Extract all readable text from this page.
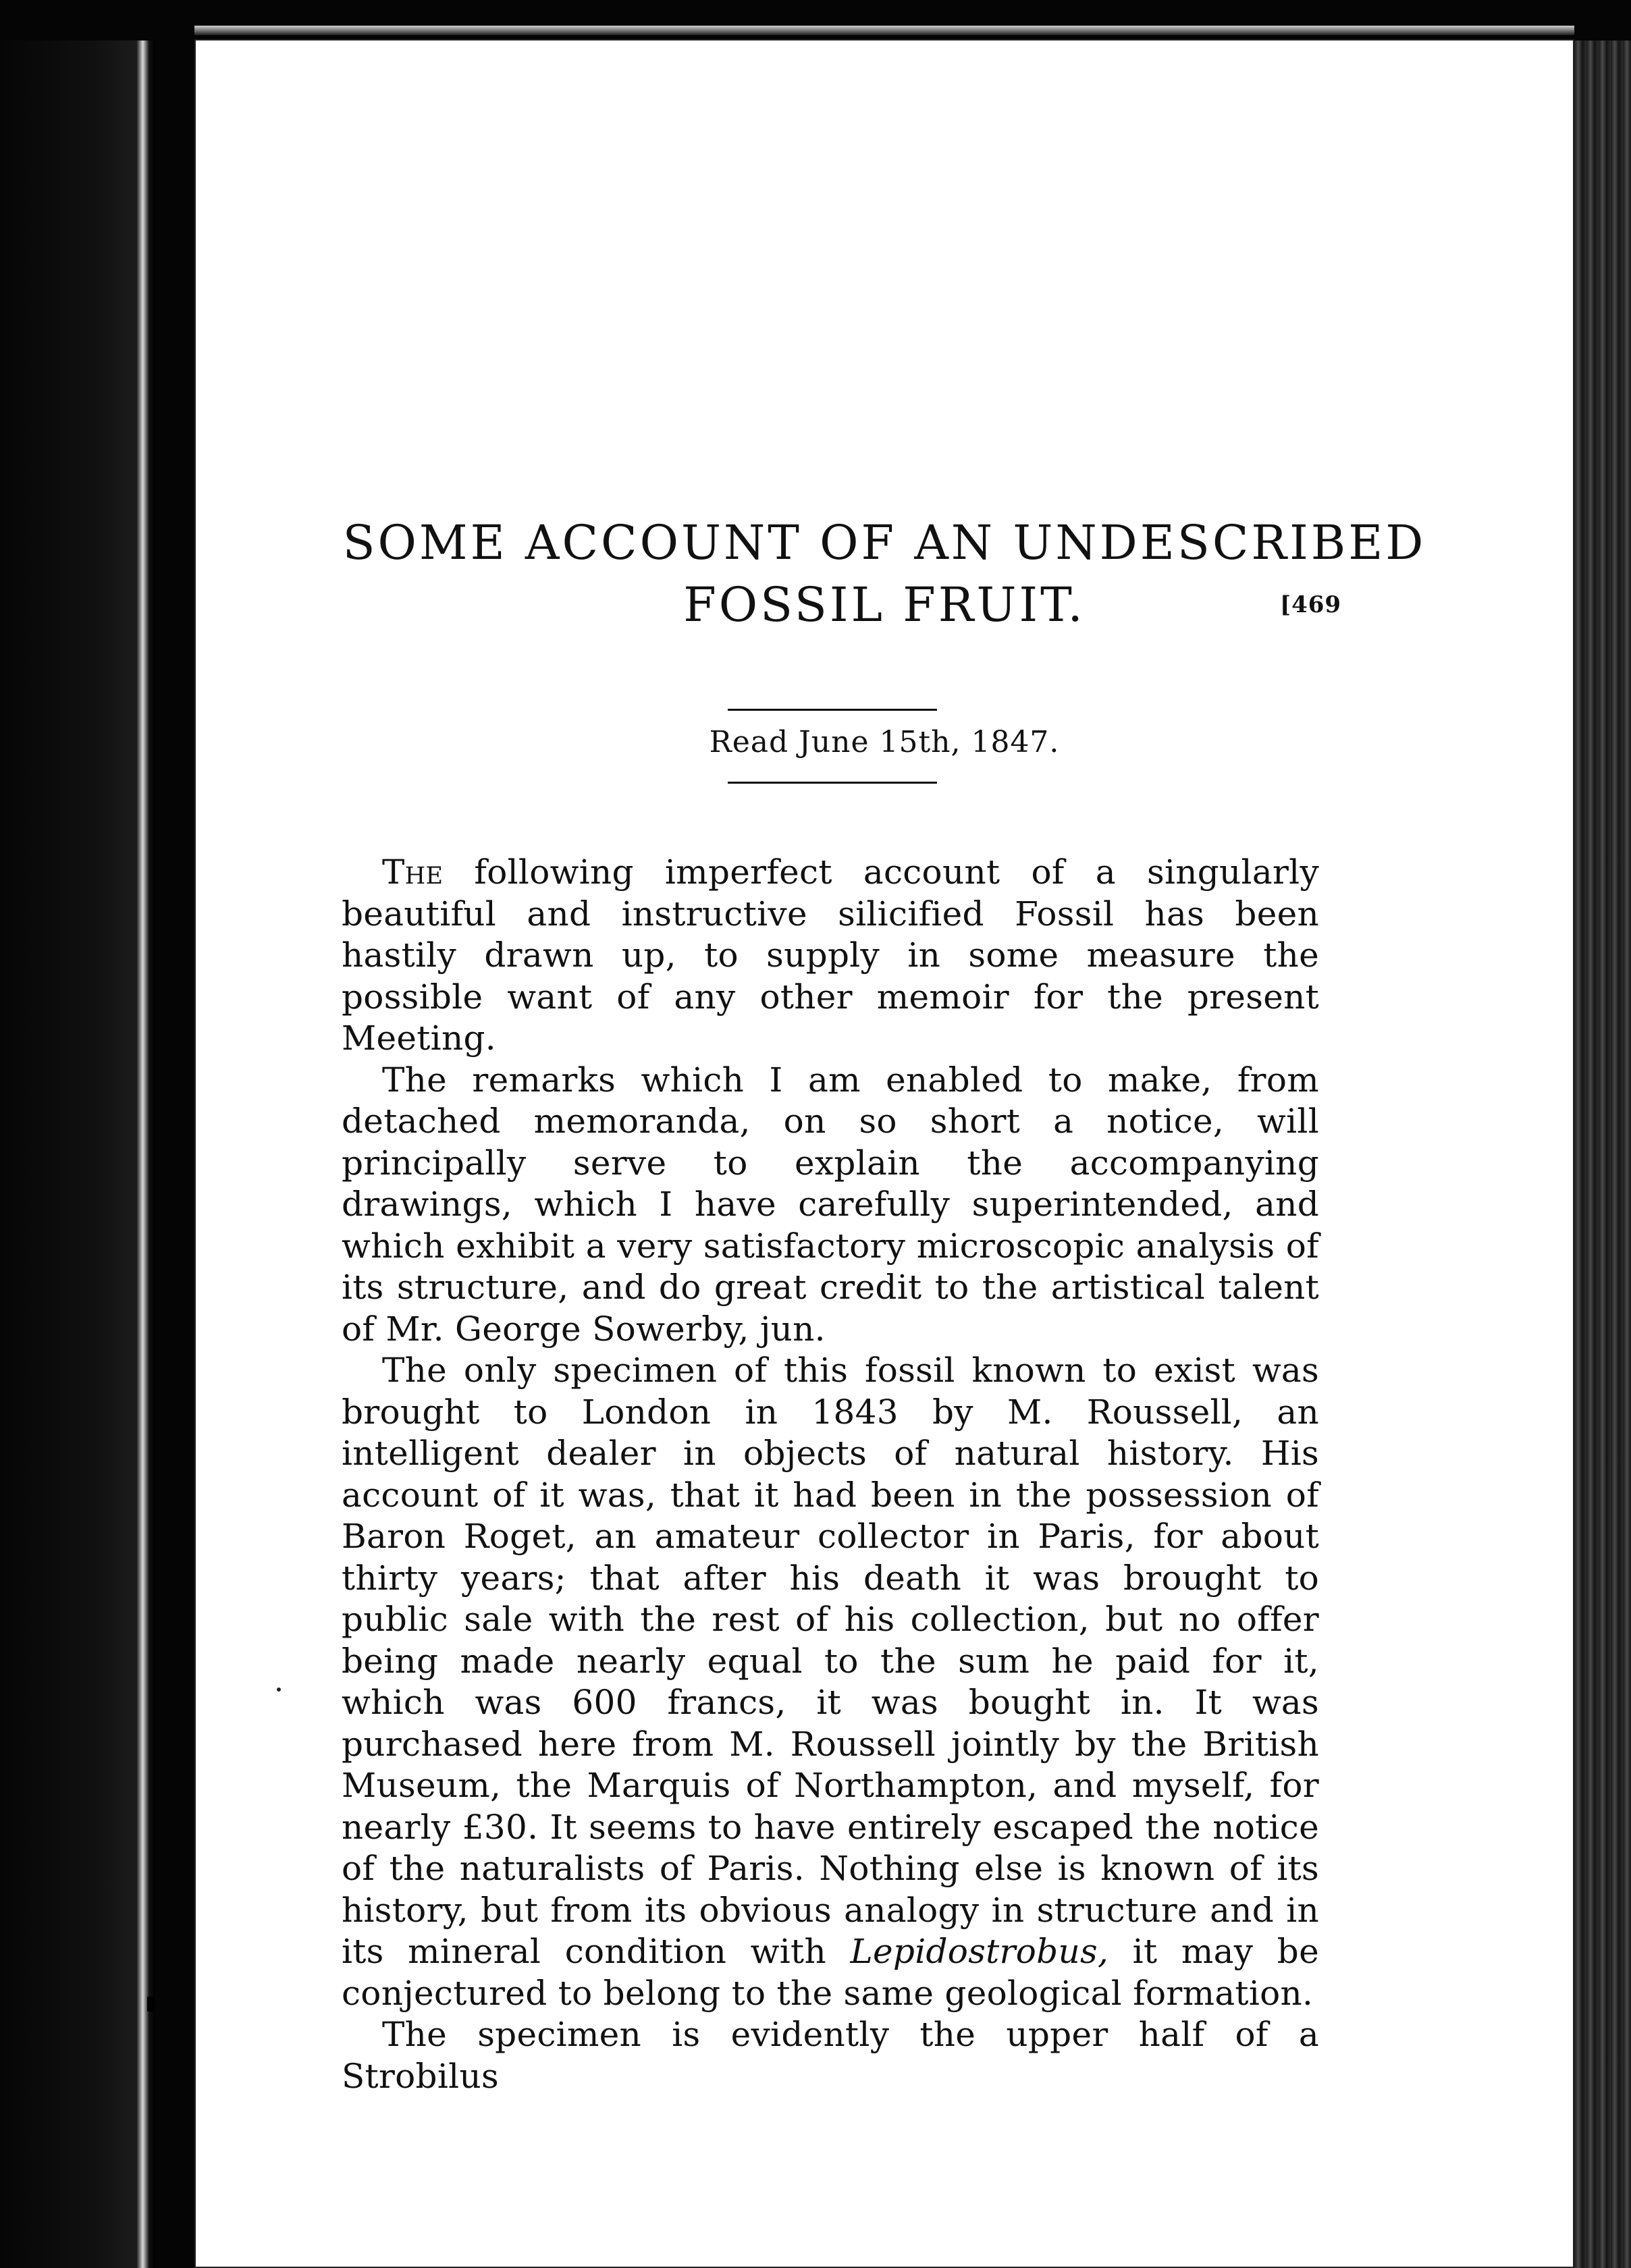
SOME ACCOUNT OF AN UNDESCRIBED
FOSSIL FRUIT.	[469
Read June 15th, 1847.

The following imperfect account of a singularly beautiful and instructive silicified Fossil has been hastily drawn up, to supply in some measure the possible want of any other memoir for the present Meeting.

The remarks which I am enabled to make, from detached memoranda, on so short a notice, will principally serve to explain the accompanying drawings, which I have carefully superintended, and which exhibit a very satisfactory microscopic analysis of its structure, and do great credit to the artistical talent of Mr. George Sowerby, jun.

The only specimen of this fossil known to exist was brought to London in 1843 by M. Roussell, an intelligent dealer in objects of natural history. His account of it was, that it had been in the possession of Baron Roget, an amateur collector in Paris, for about thirty years; that after his death it was brought to public sale with the rest of his collection, but no offer being made nearly equal to the sum he paid for it, which was 600 francs, it was bought in. It was purchased here from M. Roussell jointly by the British Museum, the Marquis of Northampton, and myself, for nearly £30. It seems to have entirely escaped the notice of the naturalists of Paris. Nothing else is known of its history, but from its obvious analogy in structure and in its mineral condition with Lepidostrobus, it may be conjectured to belong to the same geological formation.

The specimen is evidently the upper half of a Strobilus
